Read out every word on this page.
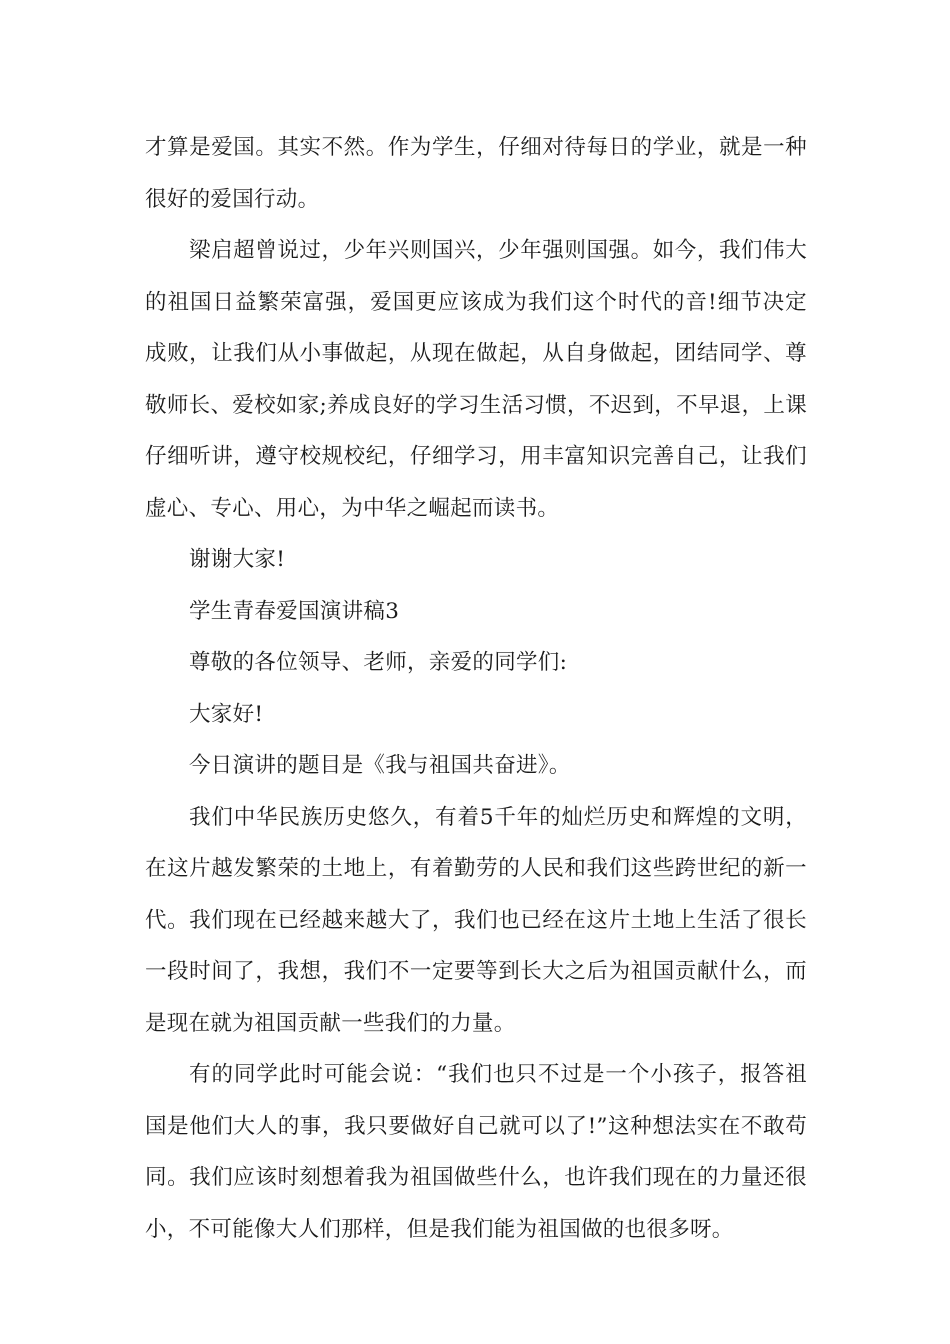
才算是爱国。其实不然。作为学生，仔细对待每日的学业，就是一种很好的爱国行动。

梁启超曾说过，少年兴则国兴，少年强则国强。如今，我们伟大的祖国日益繁荣富强，爱国更应该成为我们这个时代的音!细节决定成败，让我们从小事做起，从现在做起，从自身做起，团结同学、尊敬师长、爱校如家;养成良好的学习生活习惯，不迟到，不早退，上课仔细听讲，遵守校规校纪，仔细学习，用丰富知识完善自己，让我们虚心、专心、用心，为中华之崛起而读书。

谢谢大家!

学生青春爱国演讲稿3

尊敬的各位领导、老师，亲爱的同学们:

大家好!

今日演讲的题目是《我与祖国共奋进》。

我们中华民族历史悠久，有着5千年的灿烂历史和辉煌的文明，在这片越发繁荣的土地上，有着勤劳的人民和我们这些跨世纪的新一代。我们现在已经越来越大了，我们也已经在这片土地上生活了很长一段时间了，我想，我们不一定要等到长大之后为祖国贡献什么，而是现在就为祖国贡献一些我们的力量。

有的同学此时可能会说：“我们也只不过是一个小孩子，报答祖国是他们大人的事，我只要做好自己就可以了!”这种想法实在不敢苟同。我们应该时刻想着我为祖国做些什么，也许我们现在的力量还很小，不可能像大人们那样，但是我们能为祖国做的也很多呀。
